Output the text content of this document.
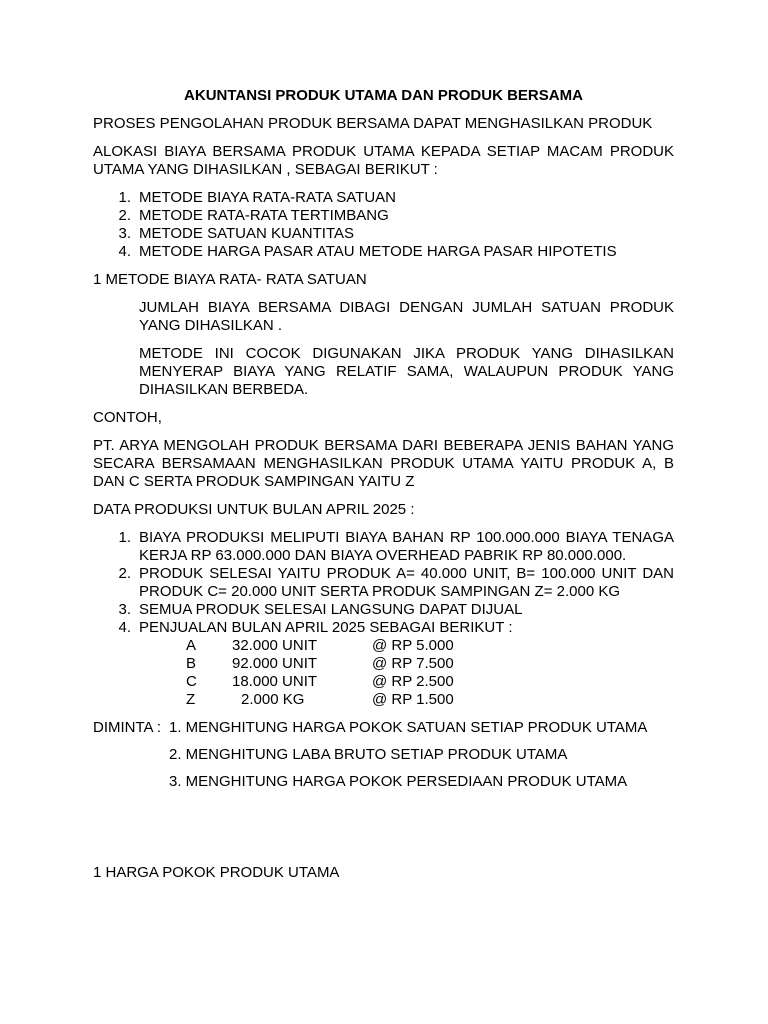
AKUNTANSI PRODUK UTAMA DAN PRODUK BERSAMA

PROSES PENGOLAHAN PRODUK BERSAMA DAPAT MENGHASILKAN PRODUK

ALOKASI BIAYA BERSAMA PRODUK UTAMA KEPADA SETIAP MACAM PRODUK UTAMA YANG DIHASILKAN , SEBAGAI BERIKUT :

1. METODE BIAYA RATA-RATA SATUAN
2. METODE RATA-RATA TERTIMBANG
3. METODE SATUAN KUANTITAS
4. METODE HARGA PASAR ATAU METODE HARGA PASAR HIPOTETIS

1 METODE BIAYA RATA- RATA SATUAN

JUMLAH BIAYA BERSAMA DIBAGI DENGAN JUMLAH SATUAN PRODUK YANG DIHASILKAN .

METODE INI COCOK DIGUNAKAN JIKA PRODUK YANG DIHASILKAN MENYERAP BIAYA YANG RELATIF SAMA, WALAUPUN PRODUK YANG DIHASILKAN BERBEDA.

CONTOH,

PT. ARYA MENGOLAH PRODUK BERSAMA DARI BEBERAPA JENIS BAHAN YANG SECARA BERSAMAAN MENGHASILKAN PRODUK UTAMA YAITU PRODUK A, B DAN C SERTA PRODUK SAMPINGAN YAITU Z

DATA PRODUKSI UNTUK BULAN APRIL 2025 :

1. BIAYA PRODUKSI MELIPUTI BIAYA BAHAN RP 100.000.000 BIAYA TENAGA KERJA RP 63.000.000 DAN BIAYA OVERHEAD PABRIK RP 80.000.000.
2. PRODUK SELESAI YAITU PRODUK A= 40.000 UNIT, B= 100.000 UNIT DAN PRODUK C= 20.000 UNIT SERTA PRODUK SAMPINGAN Z= 2.000 KG
3. SEMUA PRODUK SELESAI LANGSUNG DAPAT DIJUAL
4. PENJUALAN BULAN APRIL 2025 SEBAGAI BERIKUT :
A	32.000 UNIT	@ RP 5.000
B	92.000 UNIT	@ RP 7.500
C	18.000 UNIT	@ RP 2.500
Z	2.000 KG	@ RP 1.500
DIMINTA : 1. MENGHITUNG HARGA POKOK SATUAN SETIAP PRODUK UTAMA
2. MENGHITUNG LABA BRUTO SETIAP PRODUK UTAMA
3. MENGHITUNG HARGA POKOK PERSEDIAAN PRODUK UTAMA

1 HARGA POKOK PRODUK UTAMA
